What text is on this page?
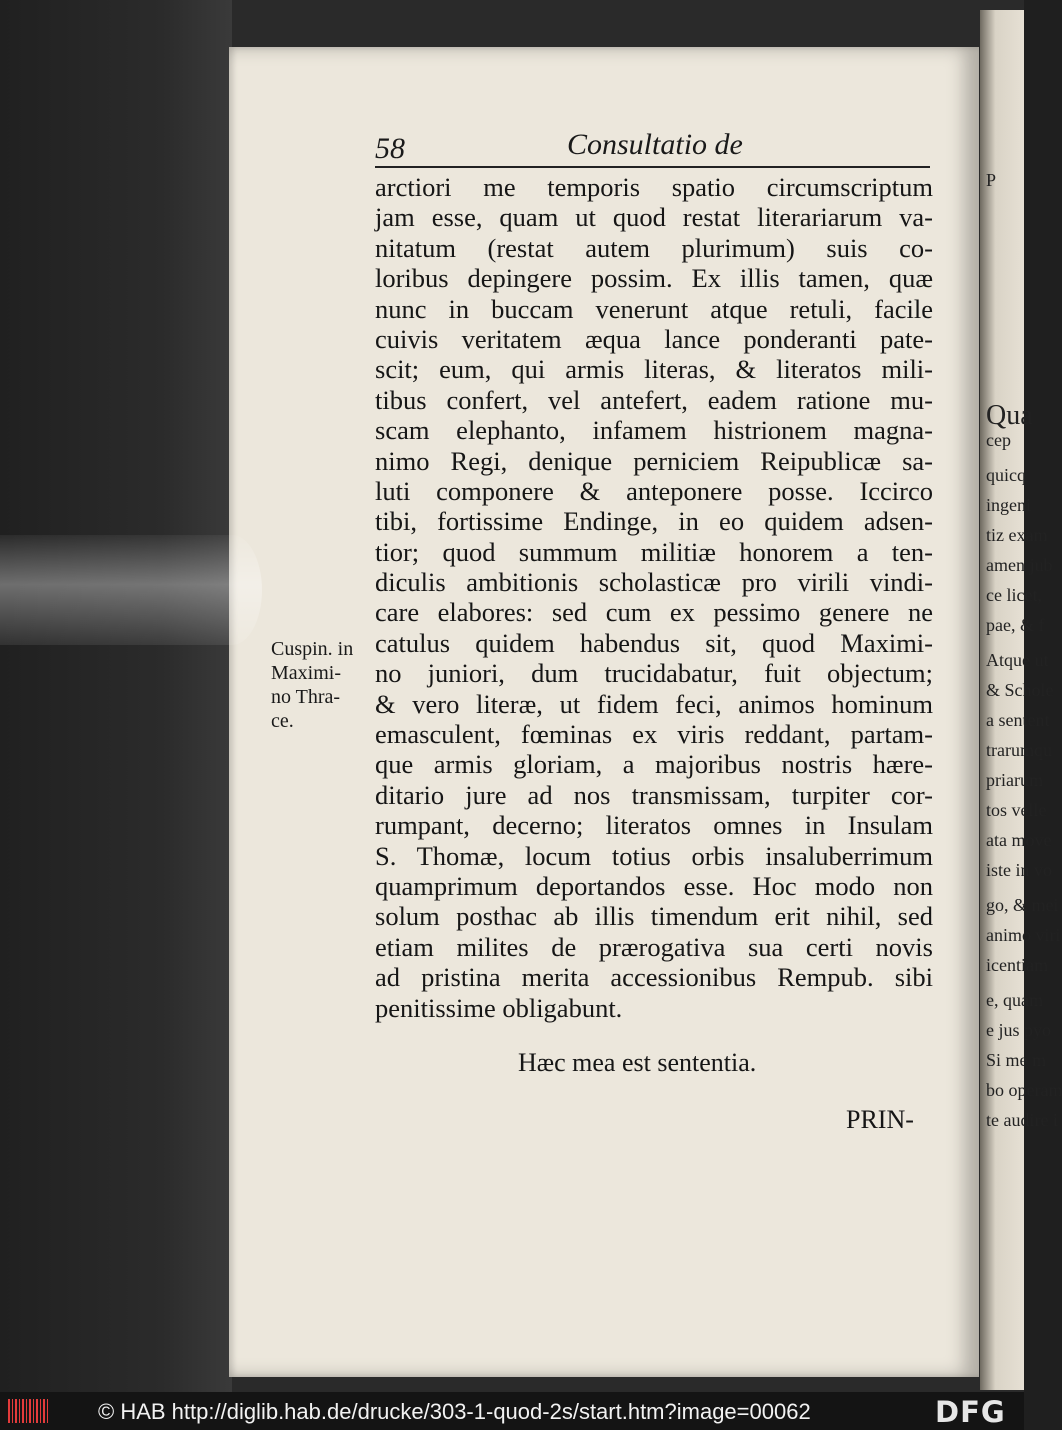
P
Qua
cep
quicq
ingeni
tiz exam
amen jub
ce licet,
pae, & f
Atque ut
& Schole
a sentent
trarumqu
priarum
tos velle
ata move
iste in vo
go, & mei
animo viri
icentiam
e, quam
e jus pyo
Si me m
bo operam
te audire i
58	Consultatio de
arctiori me temporis spatio circumscriptum
jam esse, quam ut quod restat literariarum va-
nitatum (restat autem plurimum) suis co-
loribus depingere possim. Ex illis tamen, quæ
nunc in buccam venerunt atque retuli, facile
cuivis veritatem æqua lance ponderanti pate-
scit; eum, qui armis literas, & literatos mili-
tibus confert, vel antefert, eadem ratione mu-
scam elephanto, infamem histrionem magna-
nimo Regi, denique perniciem Reipublicæ sa-
luti componere & anteponere posse. Iccirco
tibi, fortissime Endinge, in eo quidem adsen-
tior; quod summum militiæ honorem a ten-
diculis ambitionis scholasticæ pro virili vindi-
care elabores: sed cum ex pessimo genere ne
catulus quidem habendus sit, quod Maximi-
no juniori, dum trucidabatur, fuit objectum;
& vero literæ, ut fidem feci, animos hominum
emasculent, fœminas ex viris reddant, partam-
que armis gloriam, a majoribus nostris hære-
ditario jure ad nos transmissam, turpiter cor-
rumpant, decerno; literatos omnes in Insulam
S. Thomæ, locum totius orbis insaluberrimum
quamprimum deportandos esse. Hoc modo non
solum posthac ab illis timendum erit nihil, sed
etiam milites de prærogativa sua certi novis
ad pristina merita accessionibus Rempub. sibi
penitissime obligabunt.
Cuspin. in
Maximi-
no Thra-
ce.
Hæc mea est sententia.
PRIN-
© HAB http://diglib.hab.de/drucke/303-1-quod-2s/start.htm?image=00062	DFG
